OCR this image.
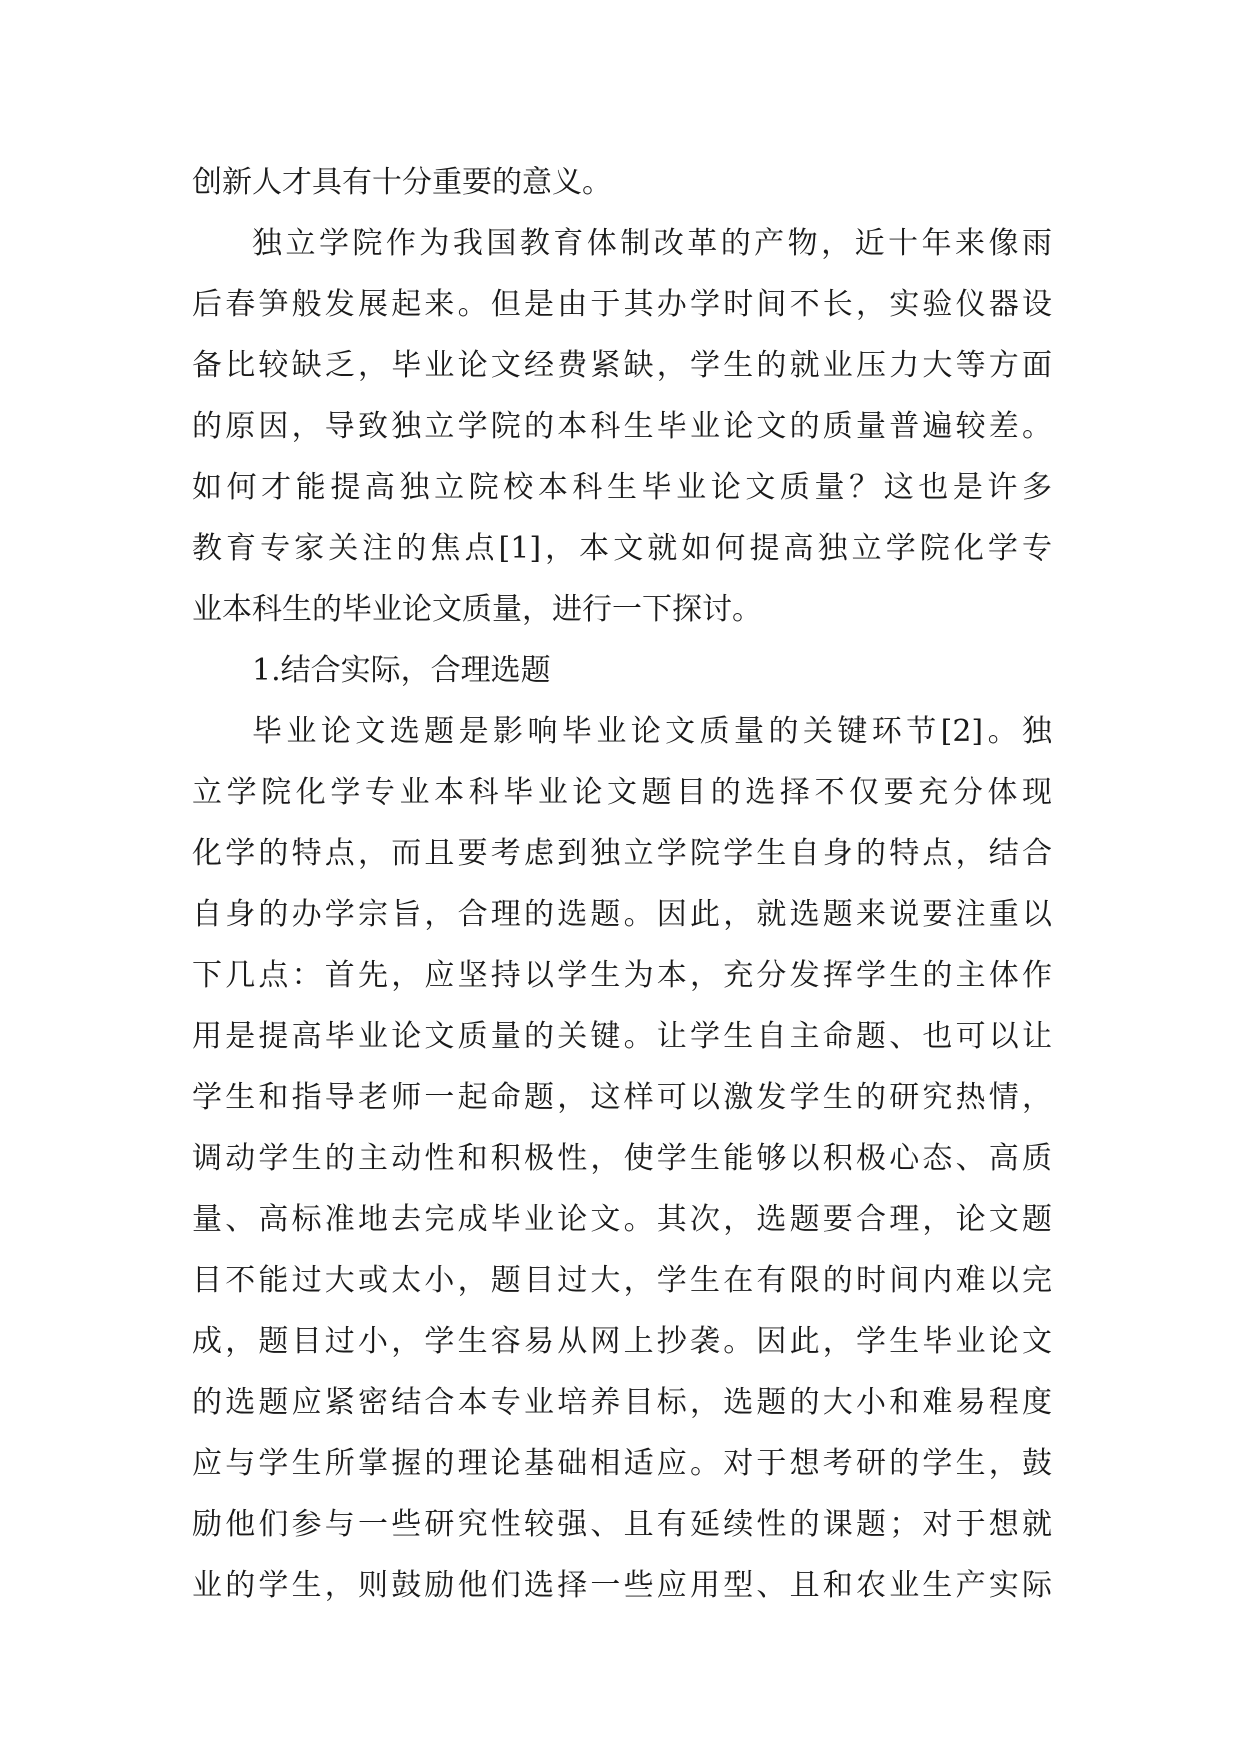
创新人才具有十分重要的意义。
独立学院作为我国教育体制改革的产物，近十年来像雨
后春笋般发展起来。但是由于其办学时间不长，实验仪器设
备比较缺乏，毕业论文经费紧缺，学生的就业压力大等方面
的原因，导致独立学院的本科生毕业论文的质量普遍较差。
如何才能提高独立院校本科生毕业论文质量？这也是许多
教育专家关注的焦点[1]，本文就如何提高独立学院化学专
业本科生的毕业论文质量，进行一下探讨。
1.结合实际，合理选题
毕业论文选题是影响毕业论文质量的关键环节[2]。独
立学院化学专业本科毕业论文题目的选择不仅要充分体现
化学的特点，而且要考虑到独立学院学生自身的特点，结合
自身的办学宗旨，合理的选题。因此，就选题来说要注重以
下几点：首先，应坚持以学生为本，充分发挥学生的主体作
用是提高毕业论文质量的关键。让学生自主命题、也可以让
学生和指导老师一起命题，这样可以激发学生的研究热情，
调动学生的主动性和积极性，使学生能够以积极心态、高质
量、高标准地去完成毕业论文。其次，选题要合理，论文题
目不能过大或太小，题目过大，学生在有限的时间内难以完
成，题目过小，学生容易从网上抄袭。因此，学生毕业论文
的选题应紧密结合本专业培养目标，选题的大小和难易程度
应与学生所掌握的理论基础相适应。对于想考研的学生，鼓
励他们参与一些研究性较强、且有延续性的课题；对于想就
业的学生，则鼓励他们选择一些应用型、且和农业生产实际
